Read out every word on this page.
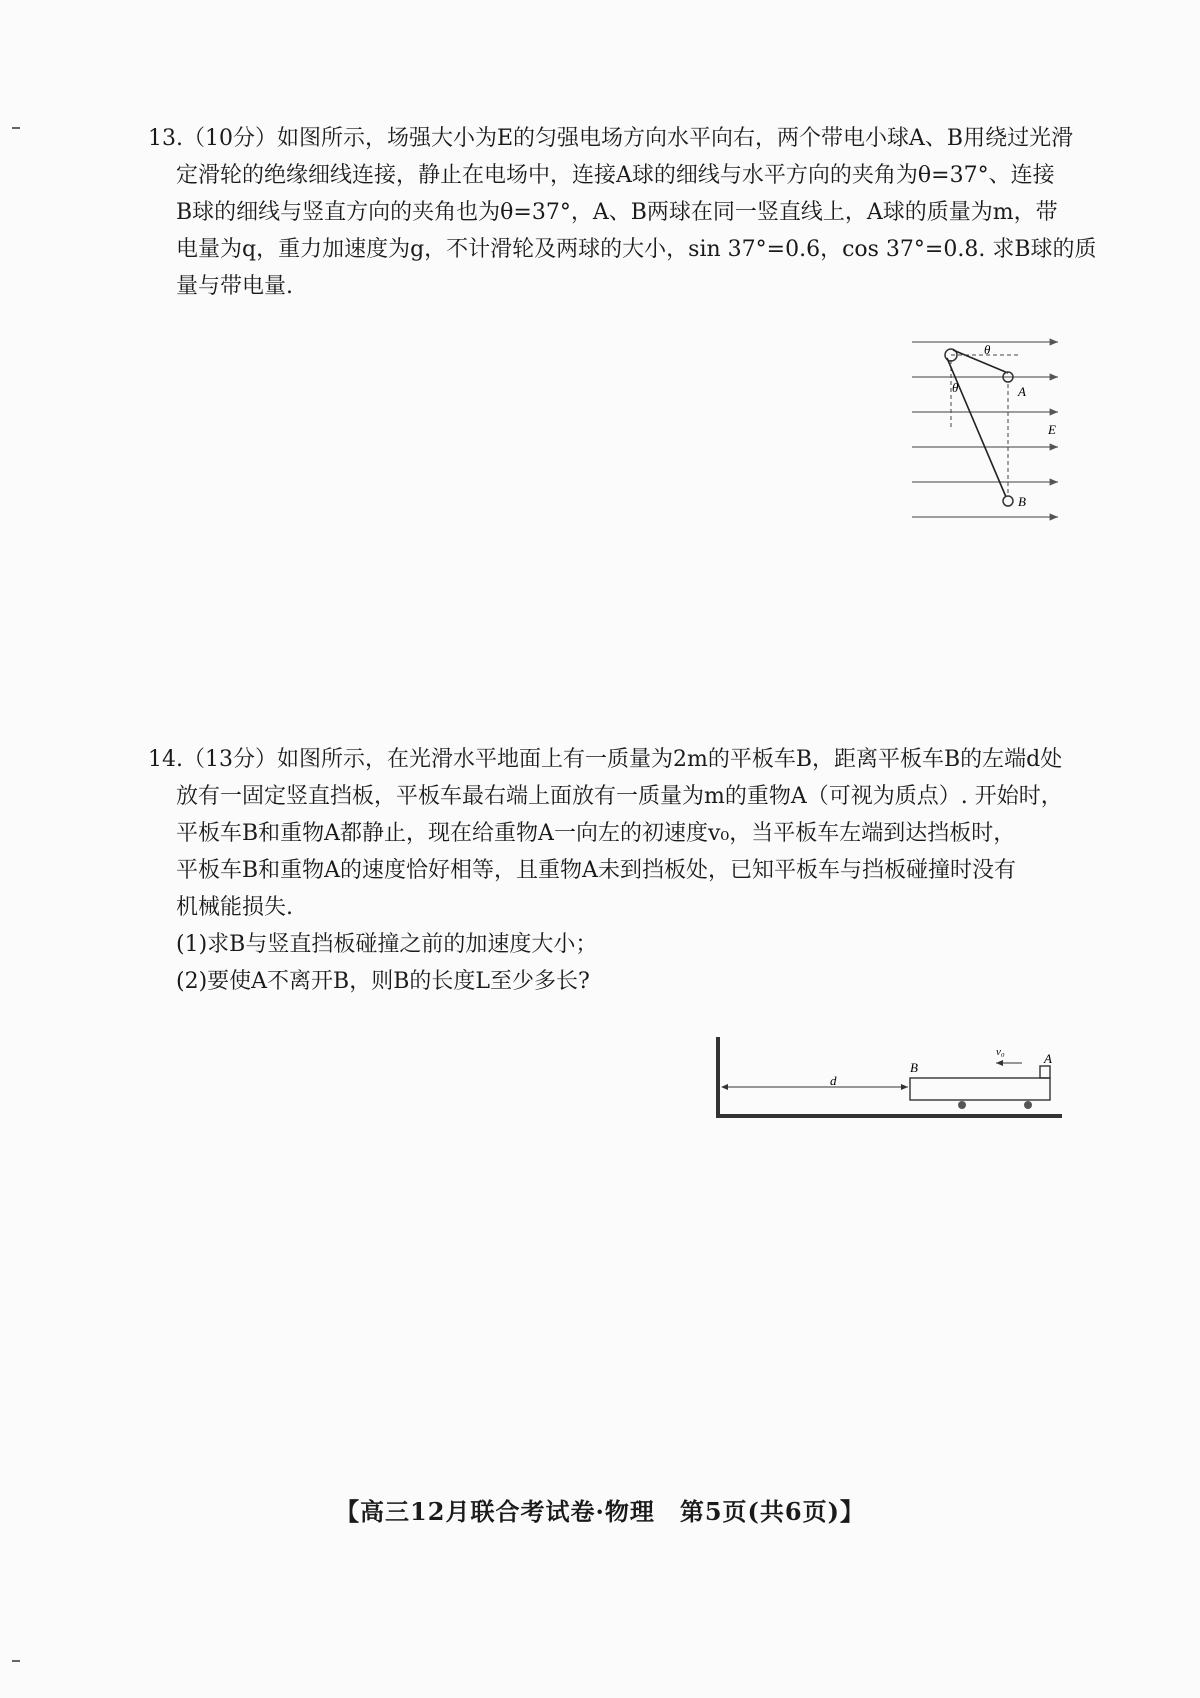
13.（10分）如图所示，场强大小为E的匀强电场方向水平向右，两个带电小球A、B用绕过光滑
定滑轮的绝缘细线连接，静止在电场中，连接A球的细线与水平方向的夹角为θ=37°、连接
B球的细线与竖直方向的夹角也为θ=37°，A、B两球在同一竖直线上，A球的质量为m，带
电量为q，重力加速度为g，不计滑轮及两球的大小，sin 37°=0.6，cos 37°=0.8. 求B球的质
量与带电量.
θ
θ	A
B
E
14.（13分）如图所示，在光滑水平地面上有一质量为2m的平板车B，距离平板车B的左端d处
放有一固定竖直挡板，平板车最右端上面放有一质量为m的重物A（可视为质点）. 开始时，
平板车B和重物A都静止，现在给重物A一向左的初速度v₀，当平板车左端到达挡板时，
平板车B和重物A的速度恰好相等，且重物A未到挡板处，已知平板车与挡板碰撞时没有
机械能损失.
(1)求B与竖直挡板碰撞之前的加速度大小；
(2)要使A不离开B，则B的长度L至少多长?
d
B
A
v₀
【高三12月联合考试卷·物理　第5页(共6页)】
